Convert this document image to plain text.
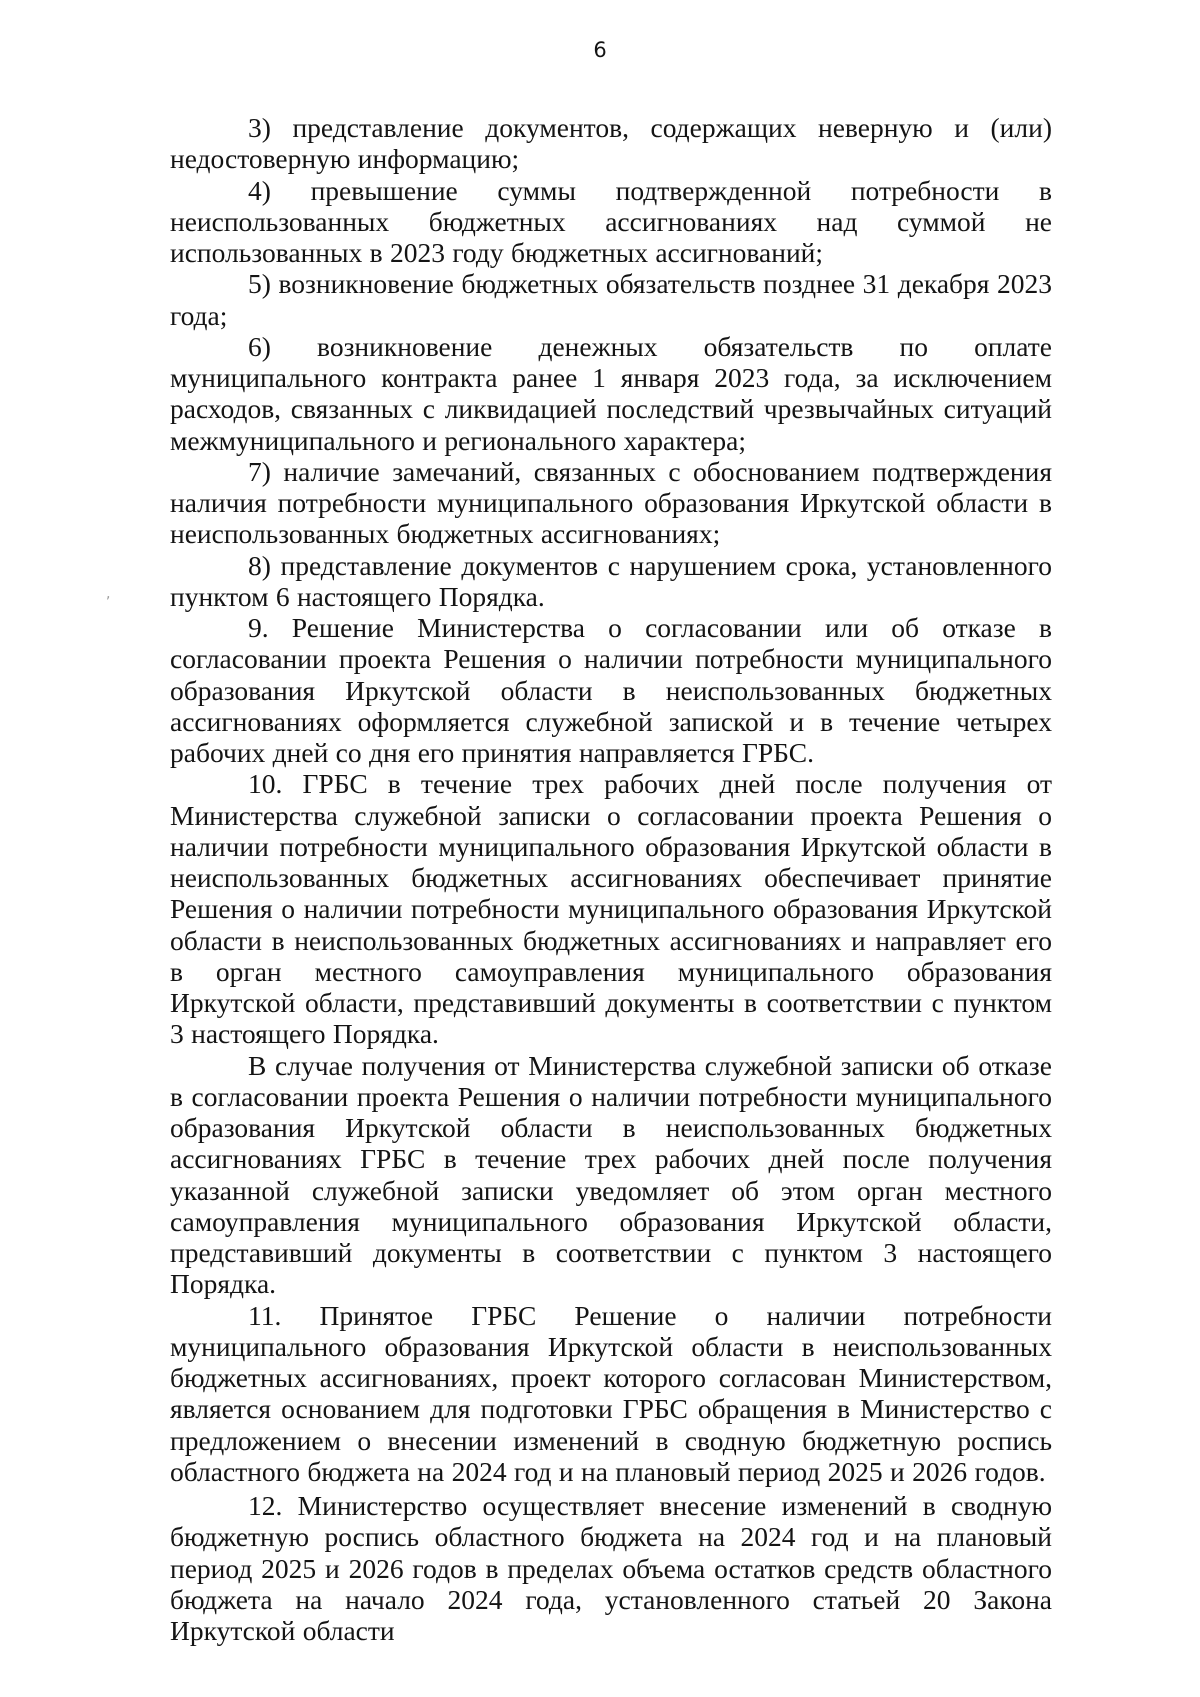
6

3) представление документов, содержащих неверную и (или) недостоверную информацию;

4) превышение суммы подтвержденной потребности в неиспользованных бюджетных ассигнованиях над суммой не использованных в 2023 году бюджетных ассигнований;

5) возникновение бюджетных обязательств позднее 31 декабря 2023 года;

6) возникновение денежных обязательств по оплате муниципального контракта ранее 1 января 2023 года, за исключением расходов, связанных с ликвидацией последствий чрезвычайных ситуаций межмуниципального и регионального характера;

7) наличие замечаний, связанных с обоснованием подтверждения наличия потребности муниципального образования Иркутской области в неиспользованных бюджетных ассигнованиях;

8) представление документов с нарушением срока, установленного пунктом 6 настоящего Порядка.

9. Решение Министерства о согласовании или об отказе в согласовании проекта Решения о наличии потребности муниципального образования Иркутской области в неиспользованных бюджетных ассигнованиях оформляется служебной запиской и в течение четырех рабочих дней со дня его принятия направляется ГРБС.

10. ГРБС в течение трех рабочих дней после получения от Министерства служебной записки о согласовании проекта Решения о наличии потребности муниципального образования Иркутской области в неиспользованных бюджетных ассигнованиях обеспечивает принятие Решения о наличии потребности муниципального образования Иркутской области в неиспользованных бюджетных ассигнованиях и направляет его в орган местного самоуправления муниципального образования Иркутской области, представивший документы в соответствии с пунктом 3 настоящего Порядка.

В случае получения от Министерства служебной записки об отказе в согласовании проекта Решения о наличии потребности муниципального образования Иркутской области в неиспользованных бюджетных ассигнованиях ГРБС в течение трех рабочих дней после получения указанной служебной записки уведомляет об этом орган местного самоуправления муниципального образования Иркутской области, представивший документы в соответствии с пунктом 3 настоящего Порядка.

11. Принятое ГРБС Решение о наличии потребности муниципального образования Иркутской области в неиспользованных бюджетных ассигнованиях, проект которого согласован Министерством, является основанием для подготовки ГРБС обращения в Министерство с предложением о внесении изменений в сводную бюджетную роспись областного бюджета на 2024 год и на плановый период 2025 и 2026 годов.

12. Министерство осуществляет внесение изменений в сводную бюджетную роспись областного бюджета на 2024 год и на плановый период 2025 и 2026 годов в пределах объема остатков средств областного бюджета на начало 2024 года, установленного статьей 20 Закона Иркутской области

,
